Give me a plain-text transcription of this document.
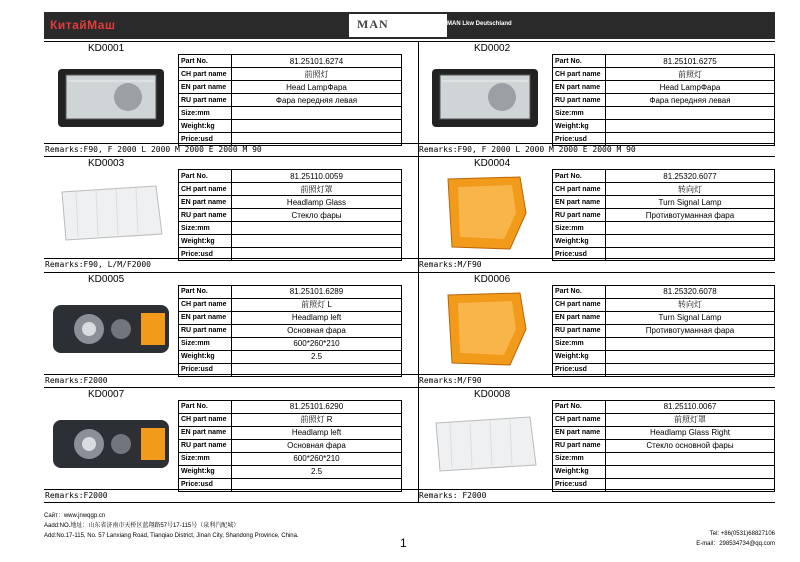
КитайМаш	MAN	MAN Lkw Deutschland
KD0001
Part No.	81.25101.6274
CH part name	前照灯
EN part name	Head LampФара
RU part name	Фара передняя левая
Size:mm	
Weight:kg	
Price:usd	
Remarks:F90, F 2000 L 2000 M 2000 E 2000 M 90
KD0002
Part No.	81.25101.6275
CH part name	前照灯
EN part name	Head LampФара
RU part name	Фара передняя левая
Size:mm	
Weight:kg	
Price:usd	
Remarks:F90, F 2000 L 2000 M 2000 E 2000 M 90
KD0003
Part No.	81.25110.0059
CH part name	前照灯罩
EN part name	Headlamp Glass
RU part name	Стекло фары
Size:mm	
Weight:kg	
Price:usd	
Remarks:F90, L/M/F2000
KD0004
Part No.	81.25320.6077
CH part name	转向灯
EN part name	Turn Signal Lamp
RU part name	Противотуманная фара
Size:mm	
Weight:kg	
Price:usd	
Remarks:M/F90
KD0005
Part No.	81.25101.6289
CH part name	前照灯 L
EN part name	Headlamp left
RU part name	Основная фара
Size:mm	600*260*210
Weight:kg	2.5
Price:usd	
Remarks:F2000
KD0006
Part No.	81.25320.6078
CH part name	转向灯
EN part name	Turn Signal Lamp
RU part name	Противотуманная фара
Size:mm	
Weight:kg	
Price:usd	
Remarks:M/F90
KD0007
Part No.	81.25101.6290
CH part name	前照灯 R
EN part name	Headlamp left
RU part name	Основная фара
Size:mm	600*260*210
Weight:kg	2.5
Price:usd	
Remarks:F2000
KD0008
Part No.	81.25110.0067
CH part name	前照灯罩
EN part name	Headlamp Glass Right
RU part name	Стекло основной фары
Size:mm	
Weight:kg	
Price:usd	
Remarks: F2000
Сайт：www.jnwqgp.cn
Aadd:NO.地址：山东省济南市天桥区蓝翔路57号17-115号（泉利汽配城）
Add:No.17-115, No. 57 Lanxiang Road, Tianqiao District, Jinan City, Shandong Province, China.	1
Tel: +86(0531)68827106
E-mail：298534734@qq.com
